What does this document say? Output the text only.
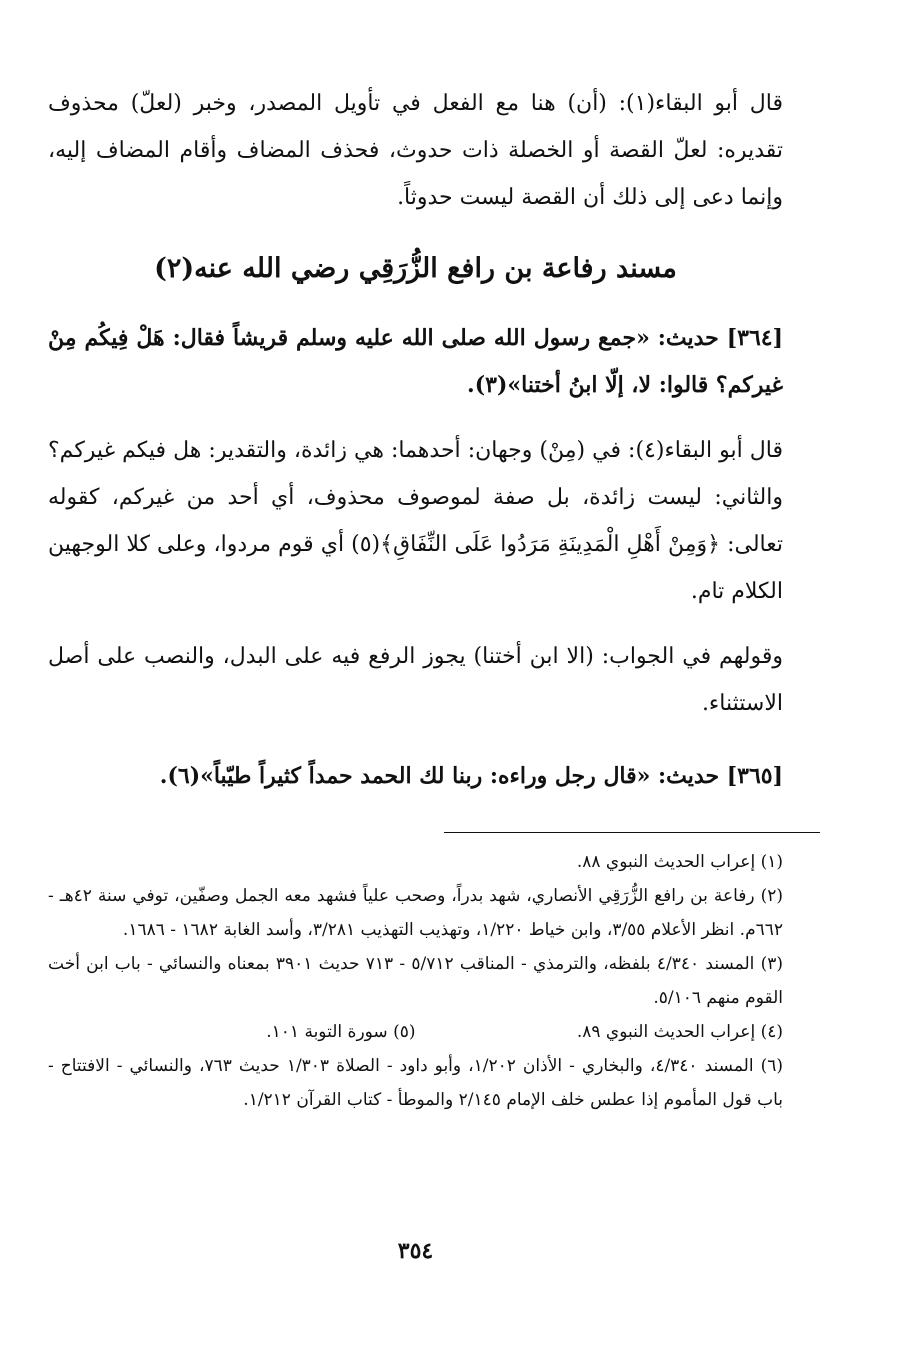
قال أبو البقاء(١): (أن) هنا مع الفعل في تأويل المصدر، وخبر (لعلّ) محذوف تقديره: لعلّ القصة أو الخصلة ذات حدوث، فحذف المضاف وأقام المضاف إليه، وإنما دعى إلى ذلك أن القصة ليست حدوثاً.

مسند رفاعة بن رافع الزُّرَقِي رضي الله عنه(٢)

[٣٦٤] حديث: «جمع رسول الله صلى الله عليه وسلم قريشاً فقال: هَلْ فِيكُم مِنْ غيركم؟ قالوا: لا، إلّا ابنُ أختنا»(٣).

قال أبو البقاء(٤): في (مِنْ) وجهان: أحدهما: هي زائدة، والتقدير: هل فيكم غيركم؟ والثاني: ليست زائدة، بل صفة لموصوف محذوف، أي أحد من غيركم، كقوله تعالى: ﴿وَمِنْ أَهْلِ الْمَدِينَةِ مَرَدُوا عَلَى النِّفَاقِ﴾(٥) أي قوم مردوا، وعلى كلا الوجهين الكلام تام.

وقولهم في الجواب: (الا ابن أختنا) يجوز الرفع فيه على البدل، والنصب على أصل الاستثناء.

[٣٦٥] حديث: «قال رجل وراءه: ربنا لك الحمد حمداً كثيراً طيّباً»(٦).

(١) إعراب الحديث النبوي ٨٨.

(٢) رفاعة بن رافع الزُّرَقِي الأنصاري، شهد بدراً، وصحب علياً فشهد معه الجمل وصفّين، توفي سنة ٤٢هـ - ٦٦٢م. انظر الأعلام ٣/٥٥، وابن خياط ١/٢٢٠، وتهذيب التهذيب ٣/٢٨١، وأسد الغابة ١٦٨٢ - ١٦٨٦.

(٣) المسند ٤/٣٤٠ بلفظه، والترمذي - المناقب ٥/٧١٢ - ٧١٣ حديث ٣٩٠١ بمعناه والنسائي - باب ابن أخت القوم منهم ٥/١٠٦.

(٤) إعراب الحديث النبوي ٨٩.
(٥) سورة التوبة ١٠١.

(٦) المسند ٤/٣٤٠، والبخاري - الأذان ١/٢٠٢، وأبو داود - الصلاة ١/٣٠٣ حديث ٧٦٣، والنسائي - الافتتاح - باب قول المأموم إذا عطس خلف الإمام ٢/١٤٥ والموطأ - كتاب القرآن ١/٢١٢.

٣٥٤
